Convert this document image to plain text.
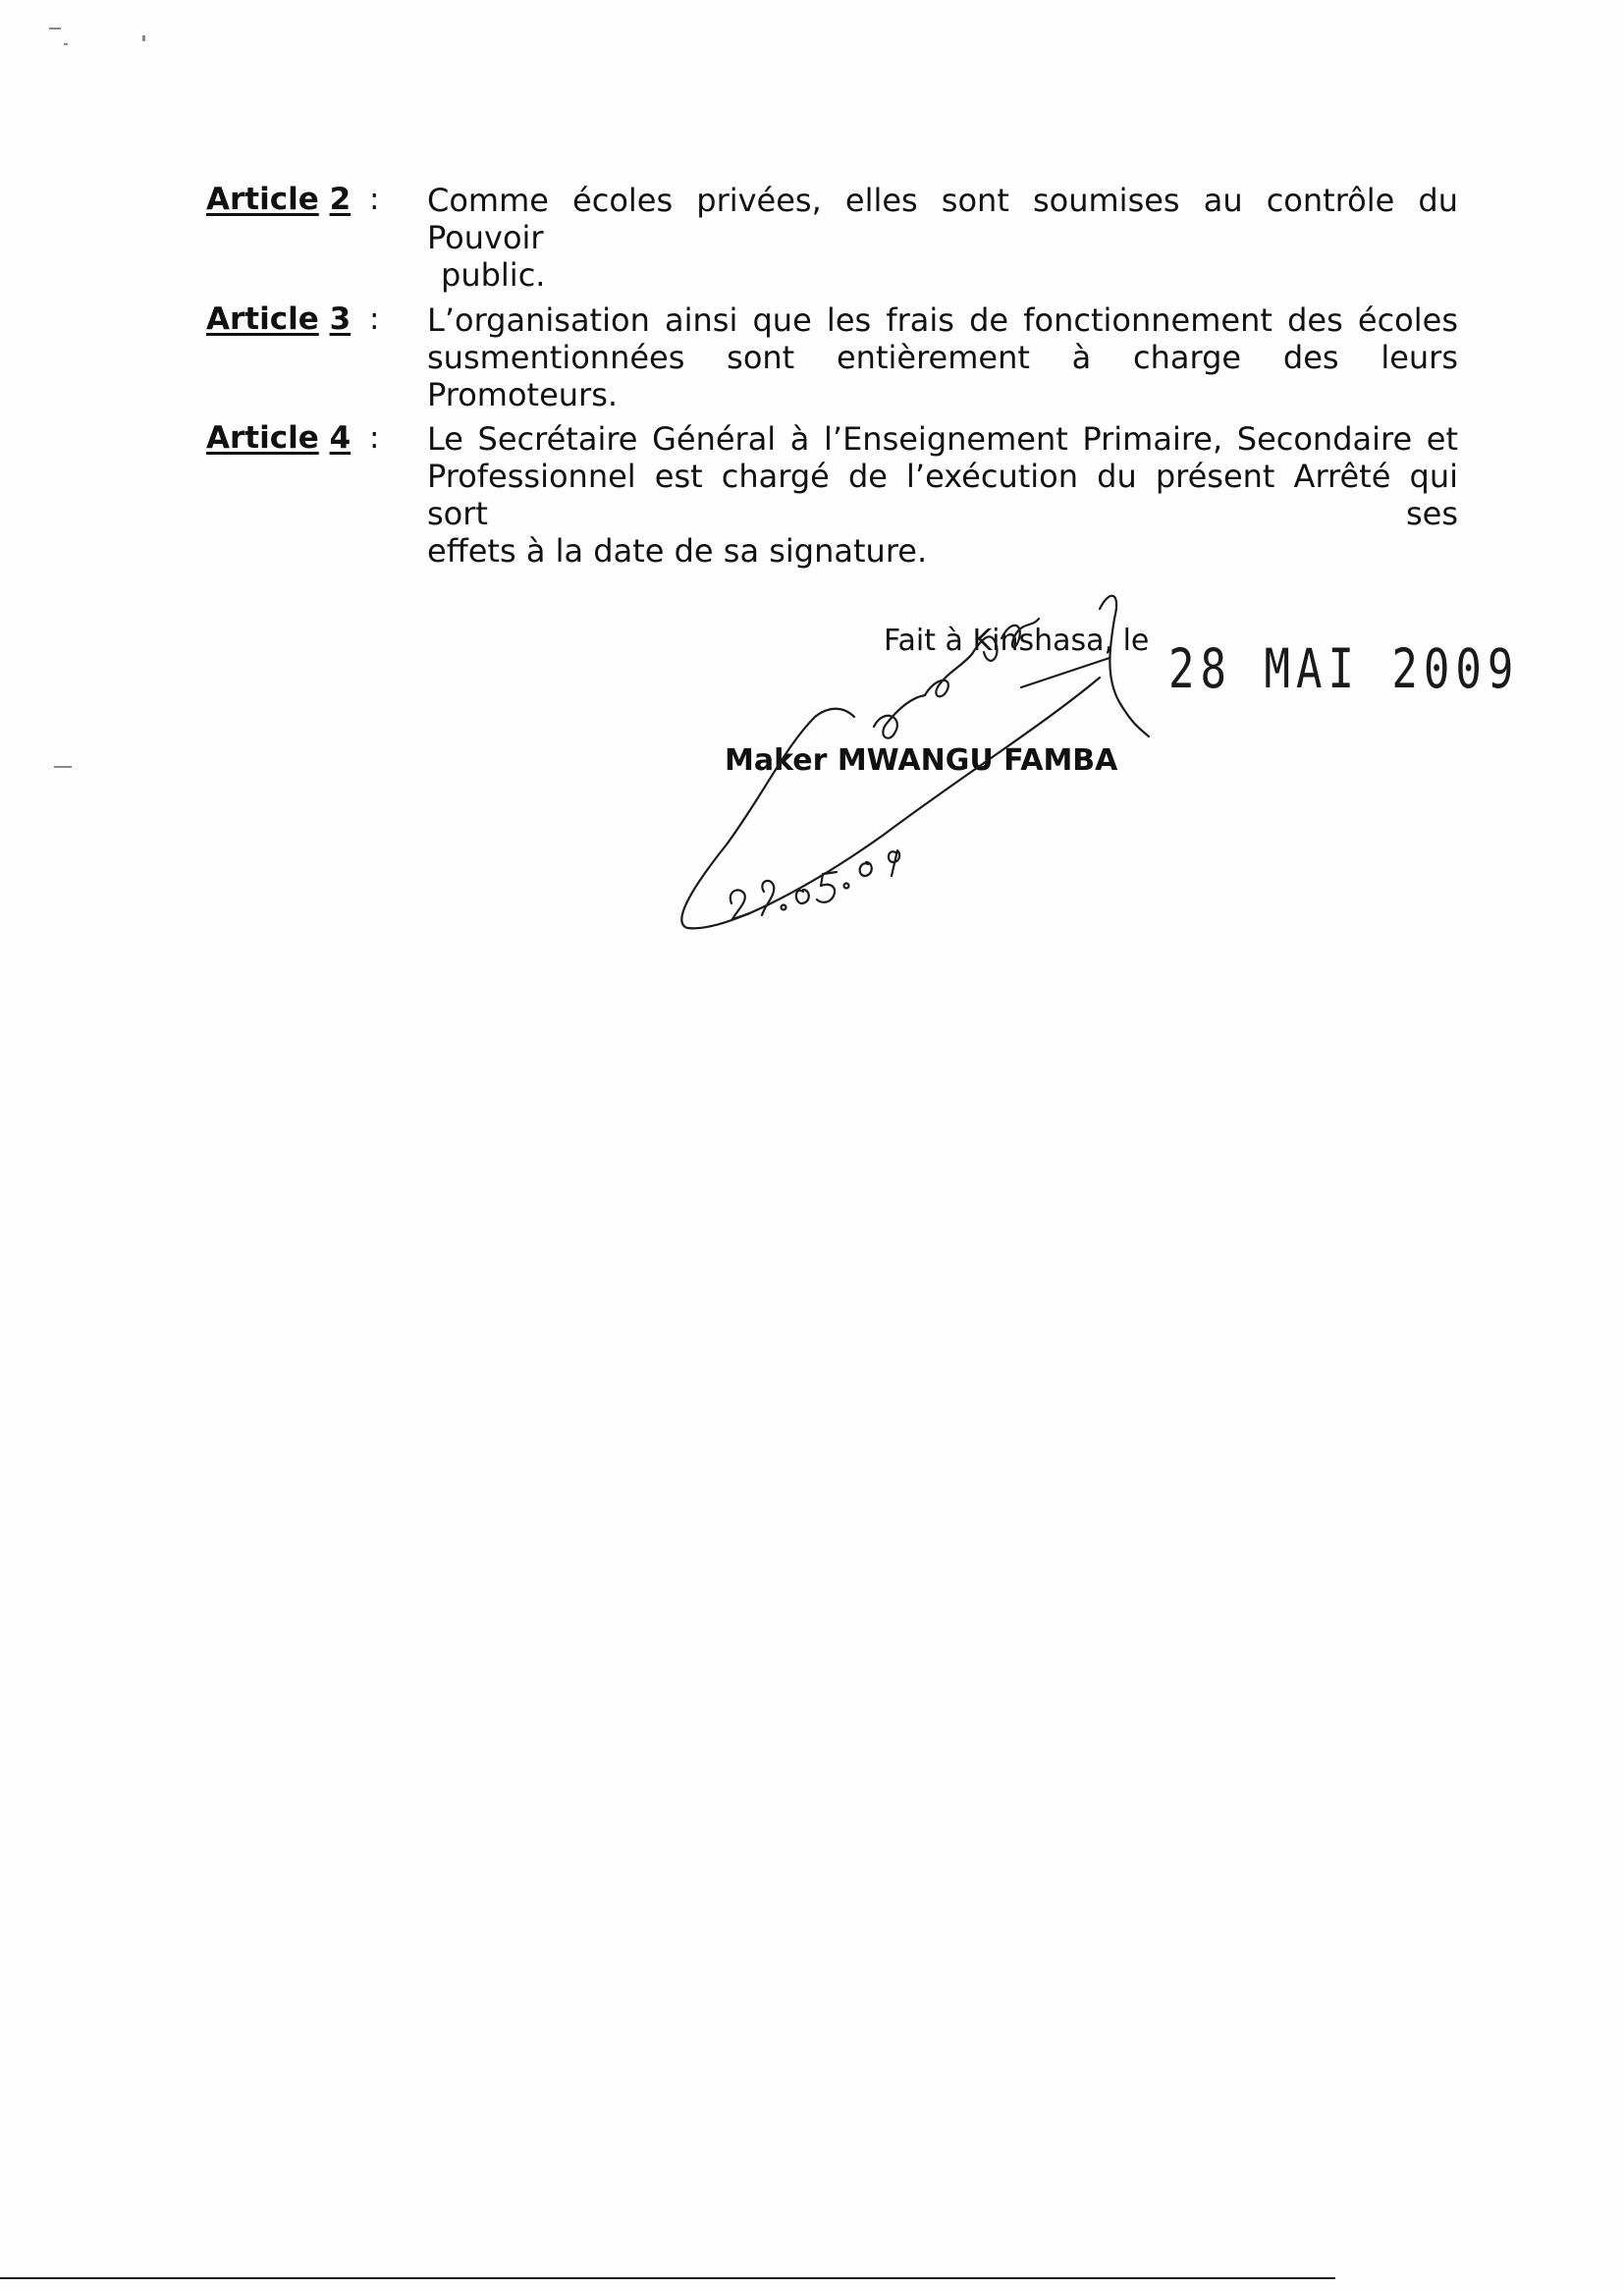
Article 2 : Comme écoles privées, elles sont soumises au contrôle du Pouvoir
public.
Article 3 : L’organisation ainsi que les frais de fonctionnement des écoles
susmentionnées sont entièrement à charge des leurs Promoteurs.
Article 4 : Le Secrétaire Général à l’Enseignement Primaire, Secondaire et
Professionnel est chargé de l’exécution du présent Arrêté qui sort ses
effets à la date de sa signature.
Fait à Kinshasa, le 28 MAI 2009
Maker MWANGU FAMBA
